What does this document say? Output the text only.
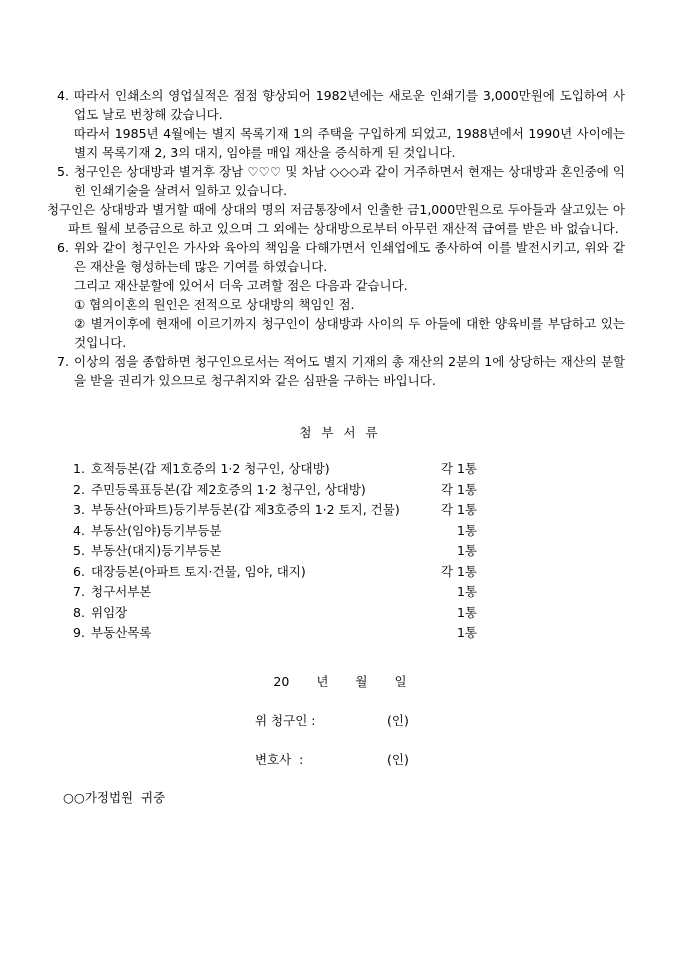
4. 따라서 인쇄소의 영업실적은 점점 향상되어 1982년에는 새로운 인쇄기를 3,000만원에 도입하여 사업도 날로 번창해 갔습니다.

따라서 1985년 4월에는 별지 목록기재 1의 주택을 구입하게 되었고, 1988년에서 1990년 사이에는 별지 목록기재 2, 3의 대지, 임야를 매입 재산을 증식하게 된 것입니다.

5. 청구인은 상대방과 별거후 장남 ♡♡♡ 및 차남 ◇◇◇과 같이 거주하면서 현재는 상대방과 혼인중에 익힌 인쇄기술을 살려서 일하고 있습니다.

청구인은 상대방과 별거할 때에 상대의 명의 저금통장에서 인출한 금1,000만원으로 두아들과 살고있는 아파트 월세 보증금으로 하고 있으며 그 외에는 상대방으로부터 아무런 재산적 급여를 받은 바 없습니다.

6. 위와 같이 청구인은 가사와 육아의 책임을 다해가면서 인쇄업에도 종사하여 이를 발전시키고, 위와 같은 재산을 형성하는데 많은 기여를 하였습니다.

그리고 재산분할에 있어서 더욱 고려할 점은 다음과 같습니다.

① 협의이혼의 원인은 전적으로 상대방의 책임인 점.

② 별거이후에 현재에 이르기까지 청구인이 상대방과 사이의 두 아들에 대한 양육비를 부담하고 있는 것입니다.

7. 이상의 점을 종합하면 청구인으로서는 적어도 별지 기재의 총 재산의 2분의 1에 상당하는 재산의 분할을 받을 권리가 있으므로 청구취지와 같은 심판을 구하는 바입니다.

첨 부 서 류
1. 호적등본(갑 제1호증의 1·2 청구인, 상대방)	각 1통
2. 주민등록표등본(갑 제2호증의 1·2 청구인, 상대방)	각 1통
3. 부동산(아파트)등기부등본(갑 제3호증의 1·2 토지, 건물)	각 1통
4. 부동산(임야)등기부등분	1통
5. 부동산(대지)등기부등본	1통
6. 대장등본(아파트 토지·건물, 임야, 대지)	각 1통
7. 청구서부본	1통
8. 위임장	1통
9. 부동산목록	1통
20 년 월 일
위 청구인 :	(인)
변호사  :	(인)
○○가정법원  귀중
